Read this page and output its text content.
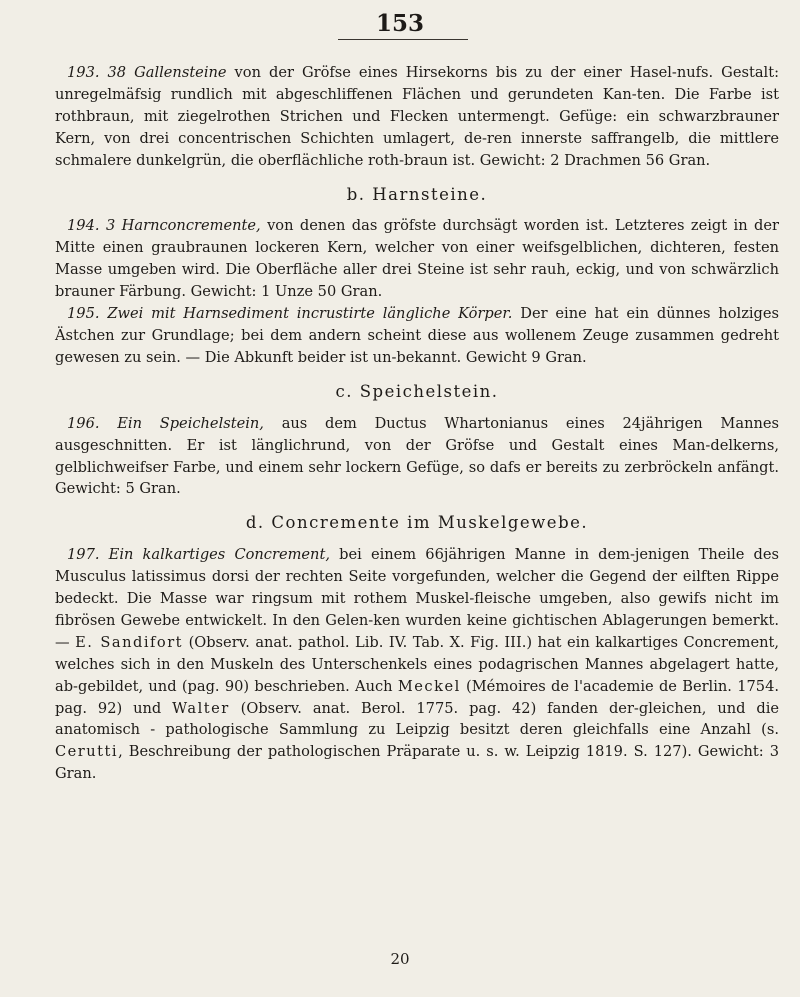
153

193. 38 Gallensteine von der Gröfse eines Hirsekorns bis zu der einer Hasel-nufs. Gestalt: unregelmäfsig rundlich mit abgeschliffenen Flächen und gerundeten Kan-ten. Die Farbe ist rothbraun, mit ziegelrothen Strichen und Flecken untermengt. Gefüge: ein schwarzbrauner Kern, von drei concentrischen Schichten umlagert, de-ren innerste saffrangelb, die mittlere schmalere dunkelgrün, die oberflächliche roth-braun ist. Gewicht: 2 Drachmen 56 Gran.

b. Harnsteine.

194. 3 Harnconcremente, von denen das gröfste durchsägt worden ist. Letzteres zeigt in der Mitte einen graubraunen lockeren Kern, welcher von einer weifsgelblichen, dichteren, festen Masse umgeben wird. Die Oberfläche aller drei Steine ist sehr rauh, eckig, und von schwärzlich brauner Färbung. Gewicht: 1 Unze 50 Gran.

195. Zwei mit Harnsediment incrustirte längliche Körper. Der eine hat ein dünnes holziges Ästchen zur Grundlage; bei dem andern scheint diese aus wollenem Zeuge zusammen gedreht gewesen zu sein. — Die Abkunft beider ist un-bekannt. Gewicht 9 Gran.

c. Speichelstein.

196. Ein Speichelstein, aus dem Ductus Whartonianus eines 24jährigen Mannes ausgeschnitten. Er ist länglichrund, von der Gröfse und Gestalt eines Man-delkerns, gelblichweifser Farbe, und einem sehr lockern Gefüge, so dafs er bereits zu zerbröckeln anfängt. Gewicht: 5 Gran.

d. Concremente im Muskelgewebe.

197. Ein kalkartiges Concrement, bei einem 66jährigen Manne in dem-jenigen Theile des Musculus latissimus dorsi der rechten Seite vorgefunden, welcher die Gegend der eilften Rippe bedeckt. Die Masse war ringsum mit rothem Muskel-fleische umgeben, also gewifs nicht im fibrösen Gewebe entwickelt. In den Gelen-ken wurden keine gichtischen Ablagerungen bemerkt. — E. Sandifort (Observ. anat. pathol. Lib. IV. Tab. X. Fig. III.) hat ein kalkartiges Concrement, welches sich in den Muskeln des Unterschenkels eines podagrischen Mannes abgelagert hatte, ab-gebildet, und (pag. 90) beschrieben. Auch Meckel (Mémoires de l'academie de Berlin. 1754. pag. 92) und Walter (Observ. anat. Berol. 1775. pag. 42) fanden der-gleichen, und die anatomisch - pathologische Sammlung zu Leipzig besitzt deren gleichfalls eine Anzahl (s. Cerutti, Beschreibung der pathologischen Präparate u. s. w. Leipzig 1819. S. 127). Gewicht: 3 Gran.

20
